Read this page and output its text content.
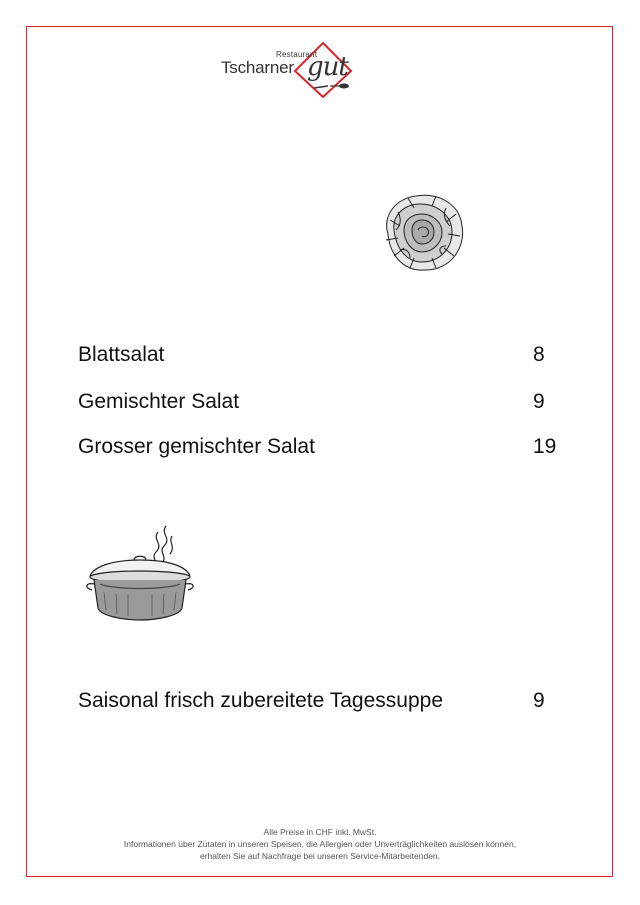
Restaurant
Tscharner gut
Blattsalat	8
Gemischter Salat	9
Grosser gemischter Salat	19
Saisonal frisch zubereitete Tagessuppe	9
Alle Preise in CHF inkl. MwSt.
Informationen über Zutaten in unseren Speisen, die Allergien oder Unverträglichkeiten auslösen können,
erhalten Sie auf Nachfrage bei unseren Service-Mitarbeitenden.
